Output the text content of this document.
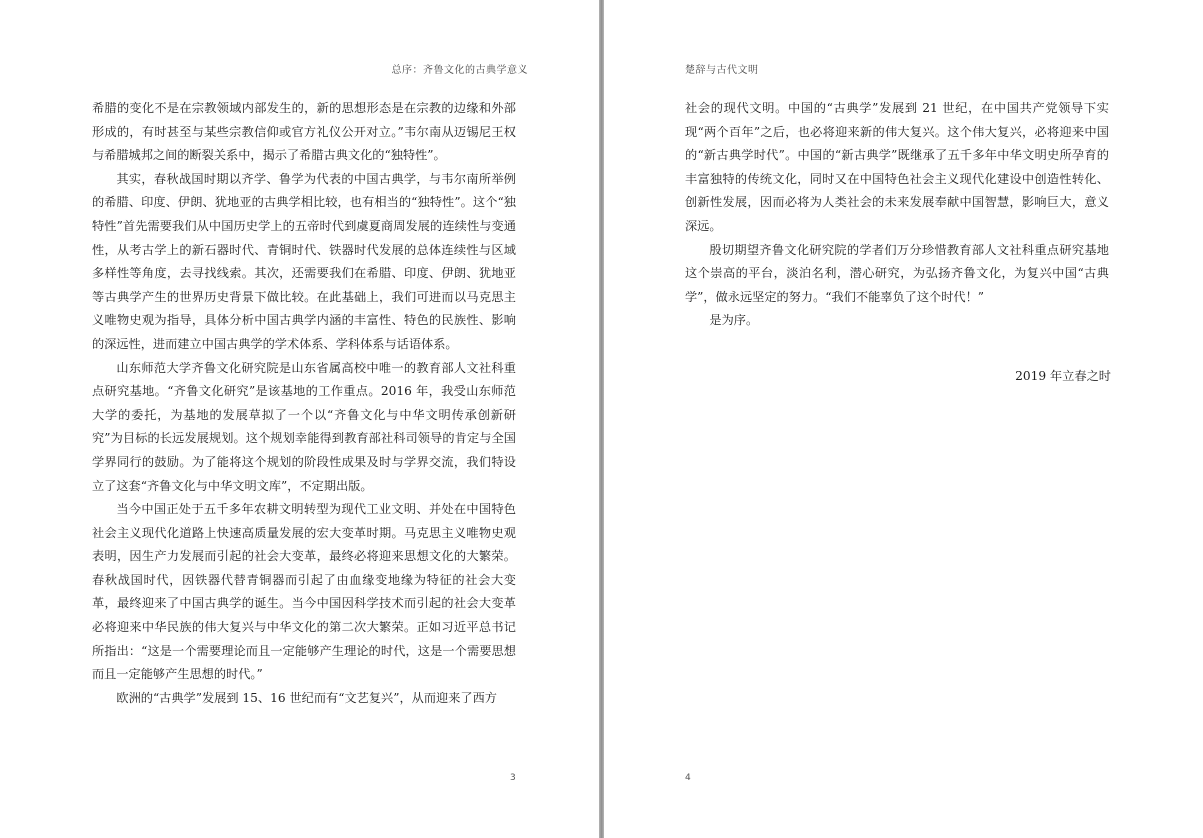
总序：齐鲁文化的古典学意义

希腊的变化不是在宗教领域内部发生的，新的思想形态是在宗教的边缘和外部形成的，有时甚至与某些宗教信仰或官方礼仪公开对立。”韦尔南从迈锡尼王权与希腊城邦之间的断裂关系中，揭示了希腊古典文化的“独特性”。

其实，春秋战国时期以齐学、鲁学为代表的中国古典学，与韦尔南所举例的希腊、印度、伊朗、犹地亚的古典学相比较，也有相当的“独特性”。这个“独特性”首先需要我们从中国历史学上的五帝时代到虞夏商周发展的连续性与变通性，从考古学上的新石器时代、青铜时代、铁器时代发展的总体连续性与区域多样性等角度，去寻找线索。其次，还需要我们在希腊、印度、伊朗、犹地亚等古典学产生的世界历史背景下做比较。在此基础上，我们可进而以马克思主义唯物史观为指导，具体分析中国古典学内涵的丰富性、特色的民族性、影响的深远性，进而建立中国古典学的学术体系、学科体系与话语体系。

山东师范大学齐鲁文化研究院是山东省属高校中唯一的教育部人文社科重点研究基地。“齐鲁文化研究”是该基地的工作重点。2016 年，我受山东师范大学的委托，为基地的发展草拟了一个以“齐鲁文化与中华文明传承创新研究”为目标的长远发展规划。这个规划幸能得到教育部社科司领导的肯定与全国学界同行的鼓励。为了能将这个规划的阶段性成果及时与学界交流，我们特设立了这套“齐鲁文化与中华文明文库”，不定期出版。

当今中国正处于五千多年农耕文明转型为现代工业文明、并处在中国特色社会主义现代化道路上快速高质量发展的宏大变革时期。马克思主义唯物史观表明，因生产力发展而引起的社会大变革，最终必将迎来思想文化的大繁荣。春秋战国时代，因铁器代替青铜器而引起了由血缘变地缘为特征的社会大变革，最终迎来了中国古典学的诞生。当今中国因科学技术而引起的社会大变革必将迎来中华民族的伟大复兴与中华文化的第二次大繁荣。正如习近平总书记所指出：“这是一个需要理论而且一定能够产生理论的时代，这是一个需要思想而且一定能够产生思想的时代。”

欧洲的“古典学”发展到 15、16 世纪而有“文艺复兴”，从而迎来了西方

3
楚辞与古代文明

社会的现代文明。中国的“古典学”发展到 21 世纪，在中国共产党领导下实现“两个百年”之后，也必将迎来新的伟大复兴。这个伟大复兴，必将迎来中国的“新古典学时代”。中国的“新古典学”既继承了五千多年中华文明史所孕育的丰富独特的传统文化，同时又在中国特色社会主义现代化建设中创造性转化、创新性发展，因而必将为人类社会的未来发展奉献中国智慧，影响巨大，意义深远。

殷切期望齐鲁文化研究院的学者们万分珍惜教育部人文社科重点研究基地这个崇高的平台，淡泊名利，潜心研究，为弘扬齐鲁文化，为复兴中国“古典学”，做永远坚定的努力。“我们不能辜负了这个时代！”

是为序。

2019 年立春之时
4
